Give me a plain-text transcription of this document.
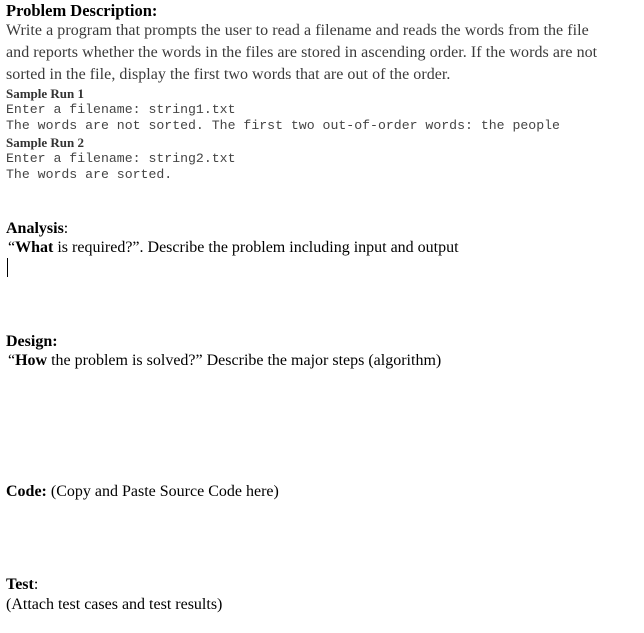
Problem Description:
Write a program that prompts the user to read a filename and reads the words from the file
and reports whether the words in the files are stored in ascending order. If the words are not
sorted in the file, display the first two words that are out of the order.
Sample Run 1
Enter a filename: string1.txt
The words are not sorted. The first two out-of-order words: the people
Sample Run 2
Enter a filename: string2.txt
The words are sorted.
Analysis:
“What is required?”. Describe the problem including input and output
Design:
“How the problem is solved?” Describe the major steps (algorithm)
Code: (Copy and Paste Source Code here)
Test:
(Attach test cases and test results)
